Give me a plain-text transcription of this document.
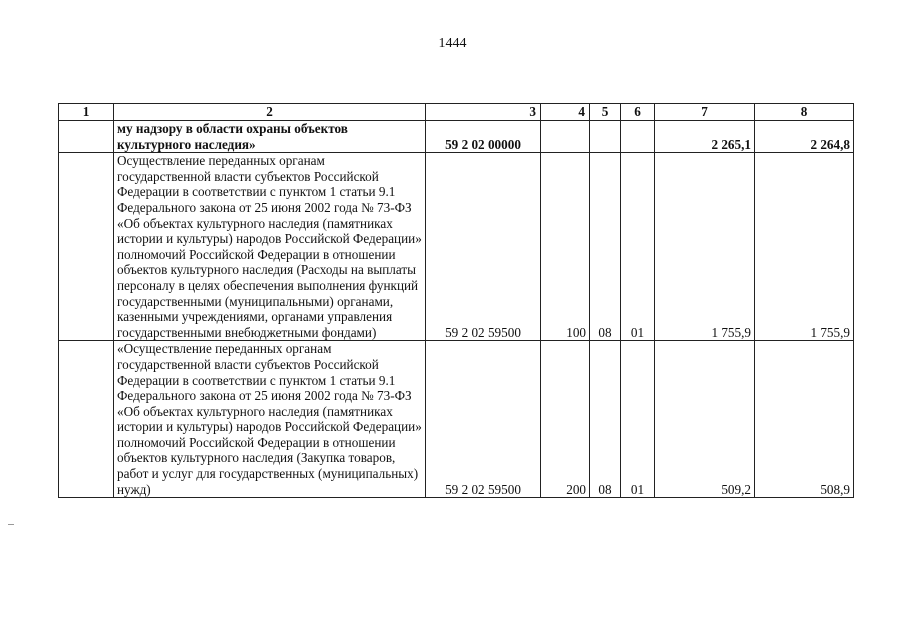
1444
1	2	3	4	5	6	7	8
	му надзору в области охраны объектов культурного наследия»	59 2 02 00000				2 265,1	2 264,8
	Осуществление переданных органам государственной власти субъектов Российской Федерации в соответствии с пунктом 1 статьи 9.1 Федерального закона от 25 июня 2002 года № 73-ФЗ «Об объектах культурного наследия (памятниках истории и культуры) народов Российской Федерации» полномочий Российской Федерации в отношении объектов культурного наследия (Расходы на выплаты персоналу в целях обеспечения выполнения функций государственными (муниципальными) органами, казенными учреждениями, органами управления государственными внебюджетными фондами)	59 2 02 59500	100	08	01	1 755,9	1 755,9
	«Осуществление переданных органам государственной власти субъектов Российской Федерации в соответствии с пунктом 1 статьи 9.1 Федерального закона от 25 июня 2002 года № 73-ФЗ «Об объектах культурного наследия (памятниках истории и культуры) народов Российской Федерации» полномочий Российской Федерации в отношении объектов культурного наследия (Закупка товаров, работ и услуг для государственных (муниципальных) нужд)	59 2 02 59500	200	08	01	509,2	508,9
